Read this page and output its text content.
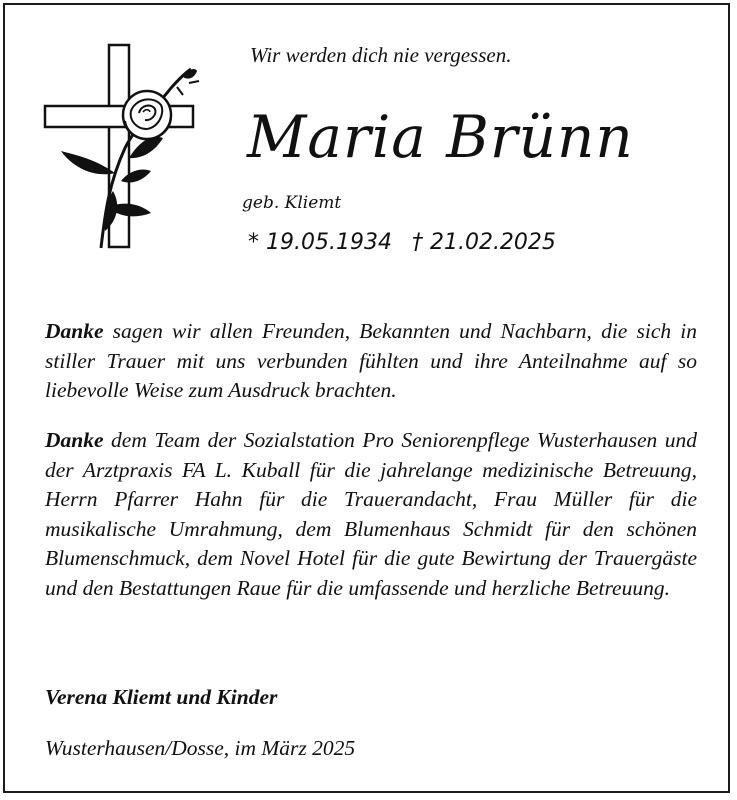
Wir werden dich nie vergessen.
Maria Brünn
geb. Kliemt
* 19.05.1934 † 21.02.2025

Danke sagen wir allen Freunden, Bekannten und Nachbarn, die sich in stiller Trauer mit uns verbunden fühlten und ihre Anteilnahme auf so liebevolle Weise zum Ausdruck brachten.

Danke dem Team der Sozialstation Pro Seniorenpflege Wusterhausen und der Arztpraxis FA L. Kuball für die jahrelange medizinische Betreuung, Herrn Pfarrer Hahn für die Trauerandacht, Frau Müller für die musikalische Umrahmung, dem Blumenhaus Schmidt für den schönen Blumenschmuck, dem Novel Hotel für die gute Bewirtung der Trauergäste und den Bestattungen Raue für die umfassende und herzliche Betreuung.

Verena Kliemt und Kinder
Wusterhausen/Dosse, im März 2025
